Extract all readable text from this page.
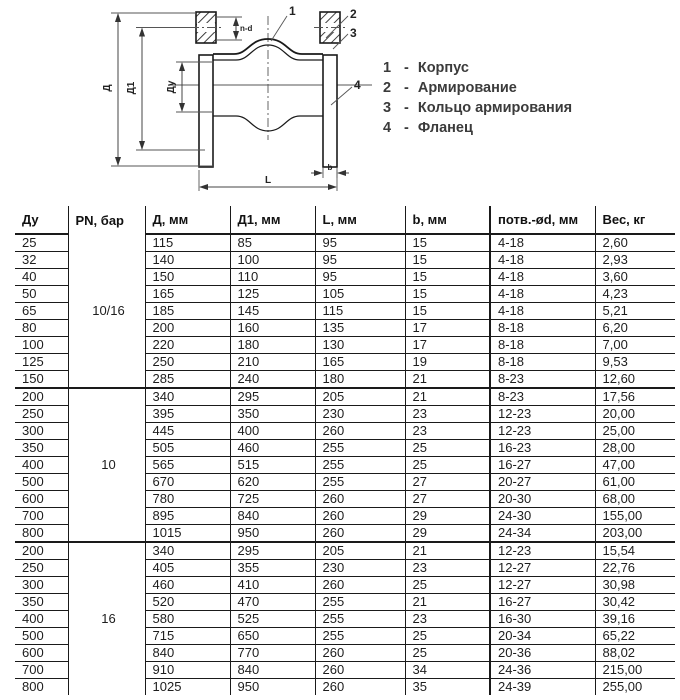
Д Д1	Ду
n-d
L
b
1	2
3
4
1 - Корпус
2 - Армирование
3 - Кольцо армирования
4 - Фланец
Ду	PN, бар	Д, мм	Д1, мм	L, мм	b, мм	потв.-ød, мм	Вес, кг
25	10/16	115	85	95	15	4-18	2,60
32		140	100	95	15	4-18	2,93
40		150	110	95	15	4-18	3,60
50		165	125	105	15	4-18	4,23
65		185	145	115	15	4-18	5,21
80		200	160	135	17	8-18	6,20
100		220	180	130	17	8-18	7,00
125		250	210	165	19	8-18	9,53
150		285	240	180	21	8-23	12,60
200	10	340	295	205	21	8-23	17,56
250		395	350	230	23	12-23	20,00
300		445	400	260	23	12-23	25,00
350		505	460	255	25	16-23	28,00
400		565	515	255	25	16-27	47,00
500		670	620	255	27	20-27	61,00
600		780	725	260	27	20-30	68,00
700		895	840	260	29	24-30	155,00
800		1015	950	260	29	24-34	203,00
200	16	340	295	205	21	12-23	15,54
250		405	355	230	23	12-27	22,76
300		460	410	260	25	12-27	30,98
350		520	470	255	21	16-27	30,42
400		580	525	255	23	16-30	39,16
500		715	650	255	25	20-34	65,22
600		840	770	260	25	20-36	88,02
700		910	840	260	34	24-36	215,00
800		1025	950	260	35	24-39	255,00
